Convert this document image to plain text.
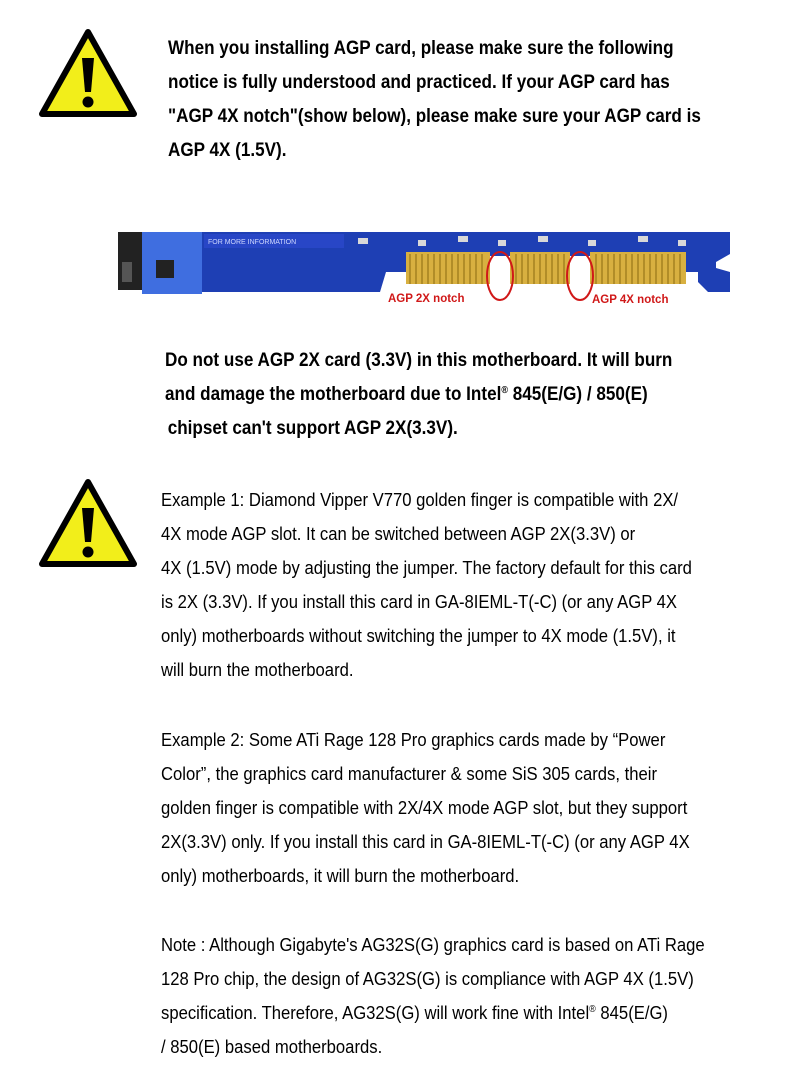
When you installing AGP card, please make sure the following
notice is fully understood and practiced. If your AGP card has
"AGP 4X notch"(show below), please make sure your AGP card is
AGP 4X (1.5V).
FOR MORE INFORMATION
AGP 2X notch	AGP 4X notch
Do not use AGP 2X card (3.3V) in this motherboard. It will burn
and damage the motherboard due to Intel® 845(E/G) / 850(E)
chipset can't support AGP 2X(3.3V).
Example 1: Diamond Vipper V770 golden finger is compatible with 2X/
4X mode AGP slot. It can be switched between AGP 2X(3.3V) or
4X (1.5V) mode by adjusting the jumper. The factory default for this card
is 2X (3.3V). If you install this card in GA-8IEML-T(-C) (or any AGP 4X
only) motherboards without switching the jumper to 4X mode (1.5V), it
will burn the motherboard.
Example 2: Some ATi Rage 128 Pro graphics cards made by “Power
Color”, the graphics card manufacturer & some SiS 305 cards, their
golden finger is compatible with 2X/4X mode AGP slot, but they support
2X(3.3V) only. If you install this card in GA-8IEML-T(-C) (or any AGP 4X
only) motherboards, it will burn the motherboard.
Note : Although Gigabyte's AG32S(G) graphics card is based on ATi Rage
128 Pro chip, the design of AG32S(G) is compliance with AGP 4X (1.5V)
specification. Therefore, AG32S(G) will work fine with Intel® 845(E/G)
/ 850(E) based motherboards.
